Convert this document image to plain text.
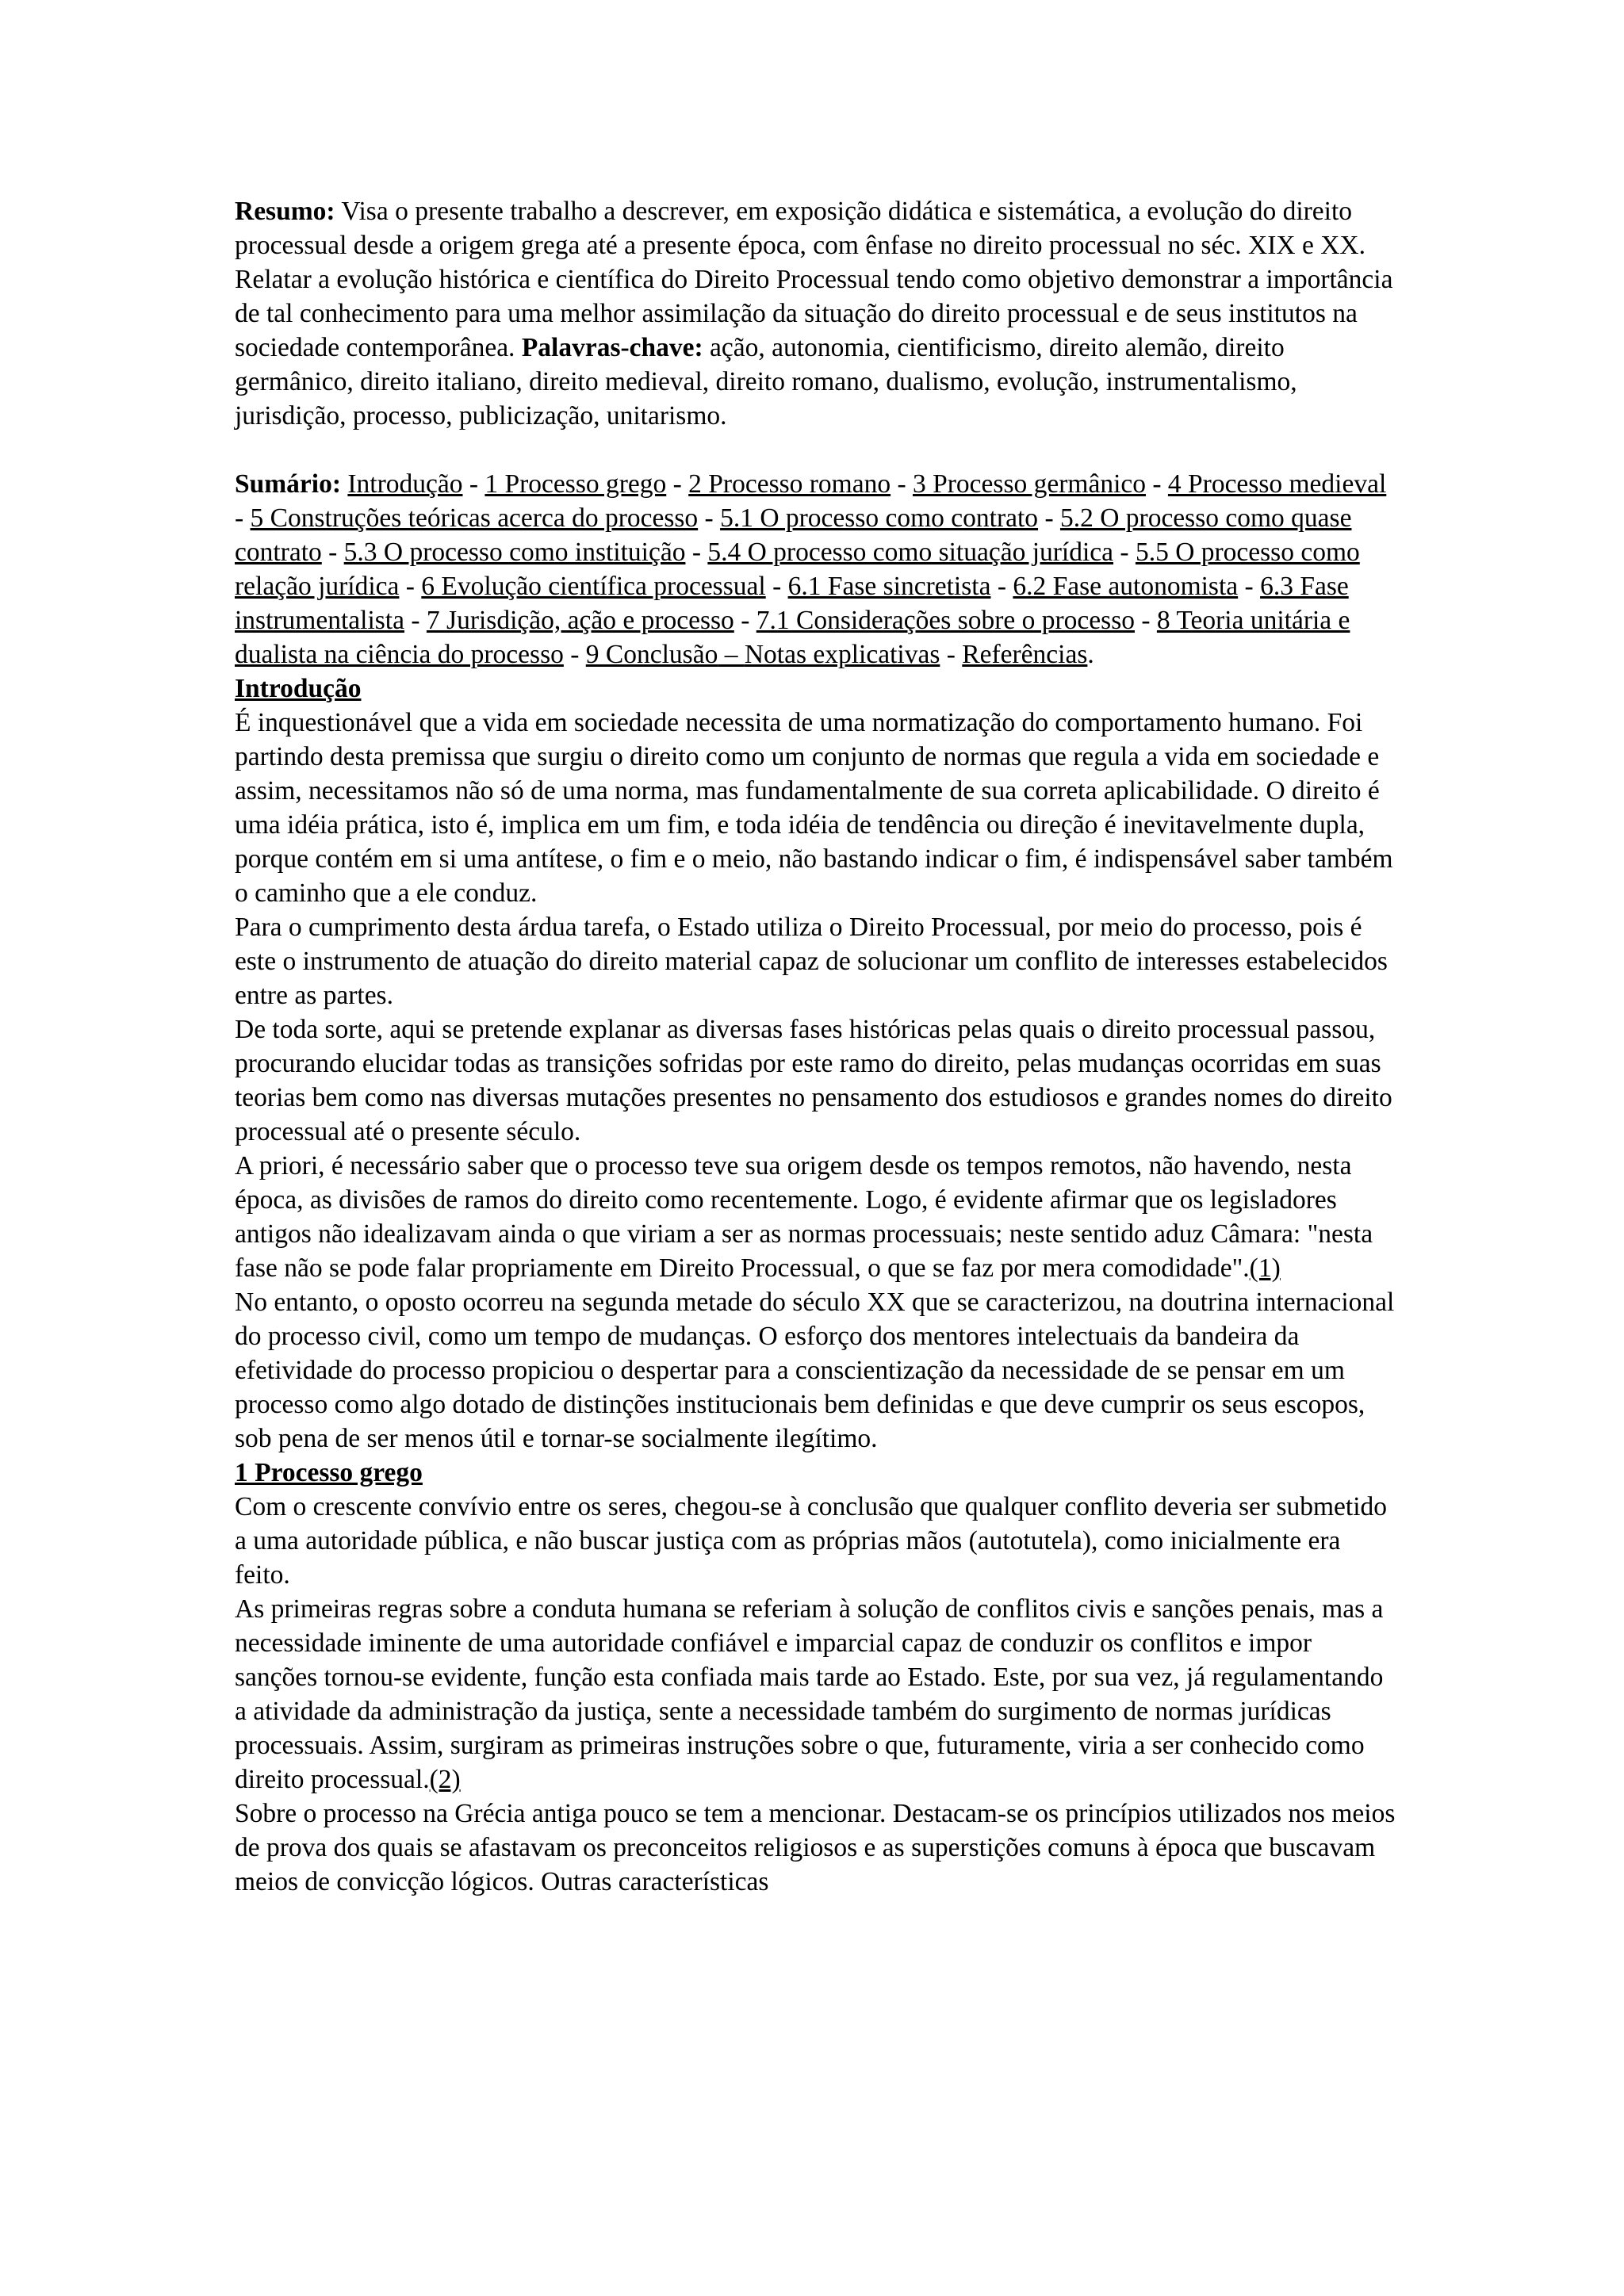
Resumo: Visa o presente trabalho a descrever, em exposição didática e sistemática, a evolução do direito processual desde a origem grega até a presente época, com ênfase no direito processual no séc. XIX e XX. Relatar a evolução histórica e científica do Direito Processual tendo como objetivo demonstrar a importância de tal conhecimento para uma melhor assimilação da situação do direito processual e de seus institutos na sociedade contemporânea. Palavras-chave: ação, autonomia, cientificismo, direito alemão, direito germânico, direito italiano, direito medieval, direito romano, dualismo, evolução, instrumentalismo, jurisdição, processo, publicização, unitarismo.

Sumário: Introdução - 1 Processo grego - 2 Processo romano - 3 Processo germânico - 4 Processo medieval - 5 Construções teóricas acerca do processo - 5.1 O processo como contrato - 5.2 O processo como quase contrato - 5.3 O processo como instituição - 5.4 O processo como situação jurídica - 5.5 O processo como relação jurídica - 6 Evolução científica processual - 6.1 Fase sincretista - 6.2 Fase autonomista - 6.3 Fase instrumentalista - 7 Jurisdição, ação e processo - 7.1 Considerações sobre o processo - 8 Teoria unitária e dualista na ciência do processo - 9 Conclusão – Notas explicativas - Referências.

Introdução

É inquestionável que a vida em sociedade necessita de uma normatização do comportamento humano. Foi partindo desta premissa que surgiu o direito como um conjunto de normas que regula a vida em sociedade e assim, necessitamos não só de uma norma, mas fundamentalmente de sua correta aplicabilidade. O direito é uma idéia prática, isto é, implica em um fim, e toda idéia de tendência ou direção é inevitavelmente dupla, porque contém em si uma antítese, o fim e o meio, não bastando indicar o fim, é indispensável saber também o caminho que a ele conduz.

Para o cumprimento desta árdua tarefa, o Estado utiliza o Direito Processual, por meio do processo, pois é este o instrumento de atuação do direito material capaz de solucionar um conflito de interesses estabelecidos entre as partes.

De toda sorte, aqui se pretende explanar as diversas fases históricas pelas quais o direito processual passou, procurando elucidar todas as transições sofridas por este ramo do direito, pelas mudanças ocorridas em suas teorias bem como nas diversas mutações presentes no pensamento dos estudiosos e grandes nomes do direito processual até o presente século.

A priori, é necessário saber que o processo teve sua origem desde os tempos remotos, não havendo, nesta época, as divisões de ramos do direito como recentemente. Logo, é evidente afirmar que os legisladores antigos não idealizavam ainda o que viriam a ser as normas processuais; neste sentido aduz Câmara: "nesta fase não se pode falar propriamente em Direito Processual, o que se faz por mera comodidade".(1)

No entanto, o oposto ocorreu na segunda metade do século XX que se caracterizou, na doutrina internacional do processo civil, como um tempo de mudanças. O esforço dos mentores intelectuais da bandeira da efetividade do processo propiciou o despertar para a conscientização da necessidade de se pensar em um processo como algo dotado de distinções institucionais bem definidas e que deve cumprir os seus escopos, sob pena de ser menos útil e tornar-se socialmente ilegítimo.

1 Processo grego

Com o crescente convívio entre os seres, chegou-se à conclusão que qualquer conflito deveria ser submetido a uma autoridade pública, e não buscar justiça com as próprias mãos (autotutela), como inicialmente era feito.

As primeiras regras sobre a conduta humana se referiam à solução de conflitos civis e sanções penais, mas a necessidade iminente de uma autoridade confiável e imparcial capaz de conduzir os conflitos e impor sanções tornou-se evidente, função esta confiada mais tarde ao Estado. Este, por sua vez, já regulamentando a atividade da administração da justiça, sente a necessidade também do surgimento de normas jurídicas processuais. Assim, surgiram as primeiras instruções sobre o que, futuramente, viria a ser conhecido como direito processual.(2)

Sobre o processo na Grécia antiga pouco se tem a mencionar. Destacam-se os princípios utilizados nos meios de prova dos quais se afastavam os preconceitos religiosos e as superstições comuns à época que buscavam meios de convicção lógicos. Outras características
